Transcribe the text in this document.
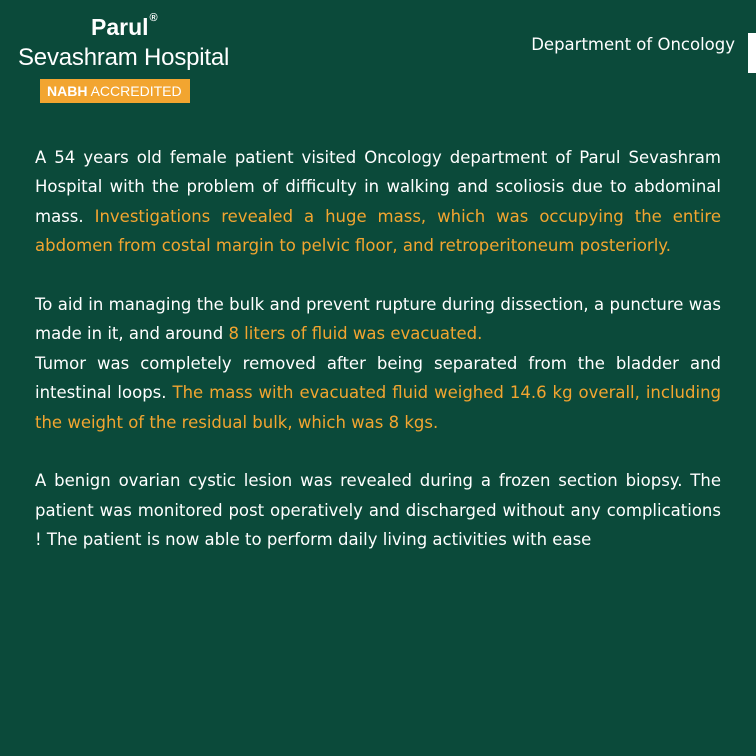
Parul®
Sevashram Hospital
NABH ACCREDITED
Department of Oncology

A 54 years old female patient visited Oncology department of Parul Sevashram Hospital with the problem of difficulty in walking and scoliosis due to abdominal mass. Investigations revealed a huge mass, which was occupying the entire abdomen from costal margin to pelvic floor, and retroperitoneum posteriorly.

To aid in managing the bulk and prevent rupture during dissection, a puncture was made in it, and around 8 liters of fluid was evacuated.

Tumor was completely removed after being separated from the bladder and intestinal loops. The mass with evacuated fluid weighed 14.6 kg overall, including the weight of the residual bulk, which was 8 kgs.

A benign ovarian cystic lesion was revealed during a frozen section biopsy. The patient was monitored post operatively and discharged without any complications ! The patient is now able to perform daily living activities with ease
